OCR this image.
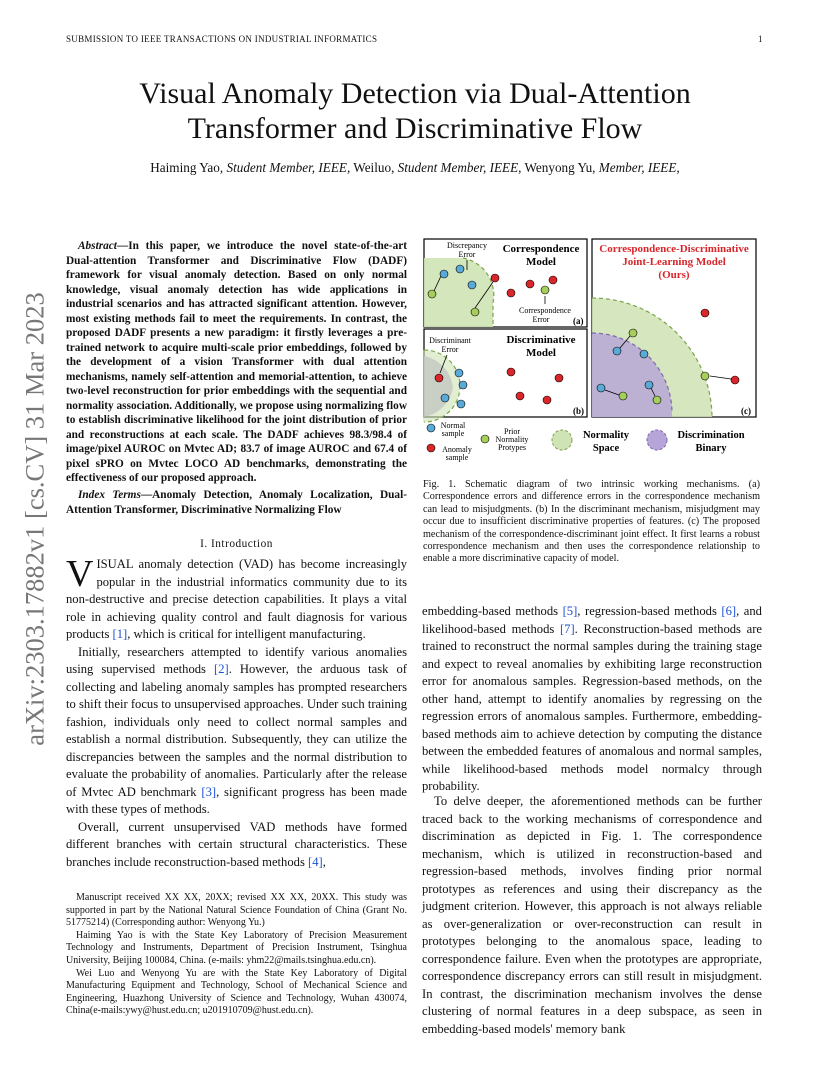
SUBMISSION TO IEEE TRANSACTIONS ON INDUSTRIAL INFORMATICS	1
Visual Anomaly Detection via Dual-Attention
Transformer and Discriminative Flow
Haiming Yao, Student Member, IEEE, Weiluo, Student Member, IEEE, Wenyong Yu, Member, IEEE,
arXiv:2303.17882v1 [cs.CV] 31 Mar 2023
Abstract—In this paper, we introduce the novel state-of-the-art Dual-attention Transformer and Discriminative Flow (DADF) framework for visual anomaly detection. Based on only normal knowledge, visual anomaly detection has wide applications in industrial scenarios and has attracted significant attention. However, most existing methods fail to meet the requirements. In contrast, the proposed DADF presents a new paradigm: it firstly leverages a pre-trained network to acquire multi-scale prior embeddings, followed by the development of a vision Transformer with dual attention mechanisms, namely self-attention and memorial-attention, to achieve two-level reconstruction for prior embeddings with the sequential and normality association. Additionally, we propose using normalizing flow to establish discriminative likelihood for the joint distribution of prior and reconstructions at each scale. The DADF achieves 98.3/98.4 of image/pixel AUROC on Mvtec AD; 83.7 of image AUROC and 67.4 of pixel sPRO on Mvtec LOCO AD benchmarks, demonstrating the effectiveness of our proposed approach.
Index Terms—Anomaly Detection, Anomaly Localization, Dual-Attention Transformer, Discriminative Normalizing Flow
I. Introduction

VISUAL anomaly detection (VAD) has become increasingly popular in the industrial informatics community due to its non-destructive and precise detection capabilities. It plays a vital role in achieving quality control and fault diagnosis for various products [1], which is critical for intelligent manufacturing.

Initially, researchers attempted to identify various anomalies using supervised methods [2]. However, the arduous task of collecting and labeling anomaly samples has prompted researchers to shift their focus to unsupervised approaches. Under such training fashion, individuals only need to collect normal samples and establish a normal distribution. Subsequently, they can utilize the discrepancies between the samples and the normal distribution to evaluate the probability of anomalies. Particularly after the release of Mvtec AD benchmark [3], significant progress has been made with these types of methods.

Overall, current unsupervised VAD methods have formed different branches with certain structural characteristics. These branches include reconstruction-based methods [4],

Manuscript received XX XX, 20XX; revised XX XX, 20XX. This study was supported in part by the National Natural Science Foundation of China (Grant No. 51775214) (Corresponding author: Wenyong Yu.)

Haiming Yao is with the State Key Laboratory of Precision Measurement Technology and Instruments, Department of Precision Instrument, Tsinghua University, Beijing 100084, China. (e-mails: yhm22@mails.tsinghua.edu.cn).

Wei Luo and Wenyong Yu are with the State Key Laboratory of Digital Manufacturing Equipment and Technology, School of Mechanical Science and Engineering, Huazhong University of Science and Technology, Wuhan 430074, China(e-mails:ywy@hust.edu.cn; u201910709@hust.edu.cn).

Correspondence
Model
Discrepancy
Error
Correspondence
Error	(a)
Discriminative
Model
Discriminant
Error
(b)
Correspondence-Discriminative
Joint-Learning Model
(Ours)
(c)
Normal
sample
Anomaly
sample
Prior
Normality
Protypes
Normality
Space
Discrimination
Binary
Fig. 1. Schematic diagram of two intrinsic working mechanisms. (a) Correspondence errors and difference errors in the correspondence mechanism can lead to misjudgments. (b) In the discriminant mechanism, misjudgment may occur due to insufficient discriminative properties of features. (c) The proposed mechanism of the correspondence-discriminant joint effect. It first learns a robust correspondence mechanism and then uses the correspondence relationship to enable a more discriminative capacity of model.

embedding-based methods [5], regression-based methods [6], and likelihood-based methods [7]. Reconstruction-based methods are trained to reconstruct the normal samples during the training stage and expect to reveal anomalies by exhibiting large reconstruction error for anomalous samples. Regression-based methods, on the other hand, attempt to identify anomalies by regressing on the regression errors of anomalous samples. Furthermore, embedding-based methods aim to achieve detection by computing the distance between the embedded features of anomalous and normal samples, while likelihood-based methods model normalcy through probability.

To delve deeper, the aforementioned methods can be further traced back to the working mechanisms of correspondence and discrimination as depicted in Fig. 1. The correspondence mechanism, which is utilized in reconstruction-based and regression-based methods, involves finding prior normal prototypes as references and using their discrepancy as the judgment criterion. However, this approach is not always reliable as over-generalization or over-reconstruction can result in prototypes belonging to the anomalous space, leading to correspondence failure. Even when the prototypes are appropriate, correspondence discrepancy errors can still result in misjudgment. In contrast, the discrimination mechanism involves the dense clustering of normal features in a deep subspace, as seen in embedding-based models' memory bank
